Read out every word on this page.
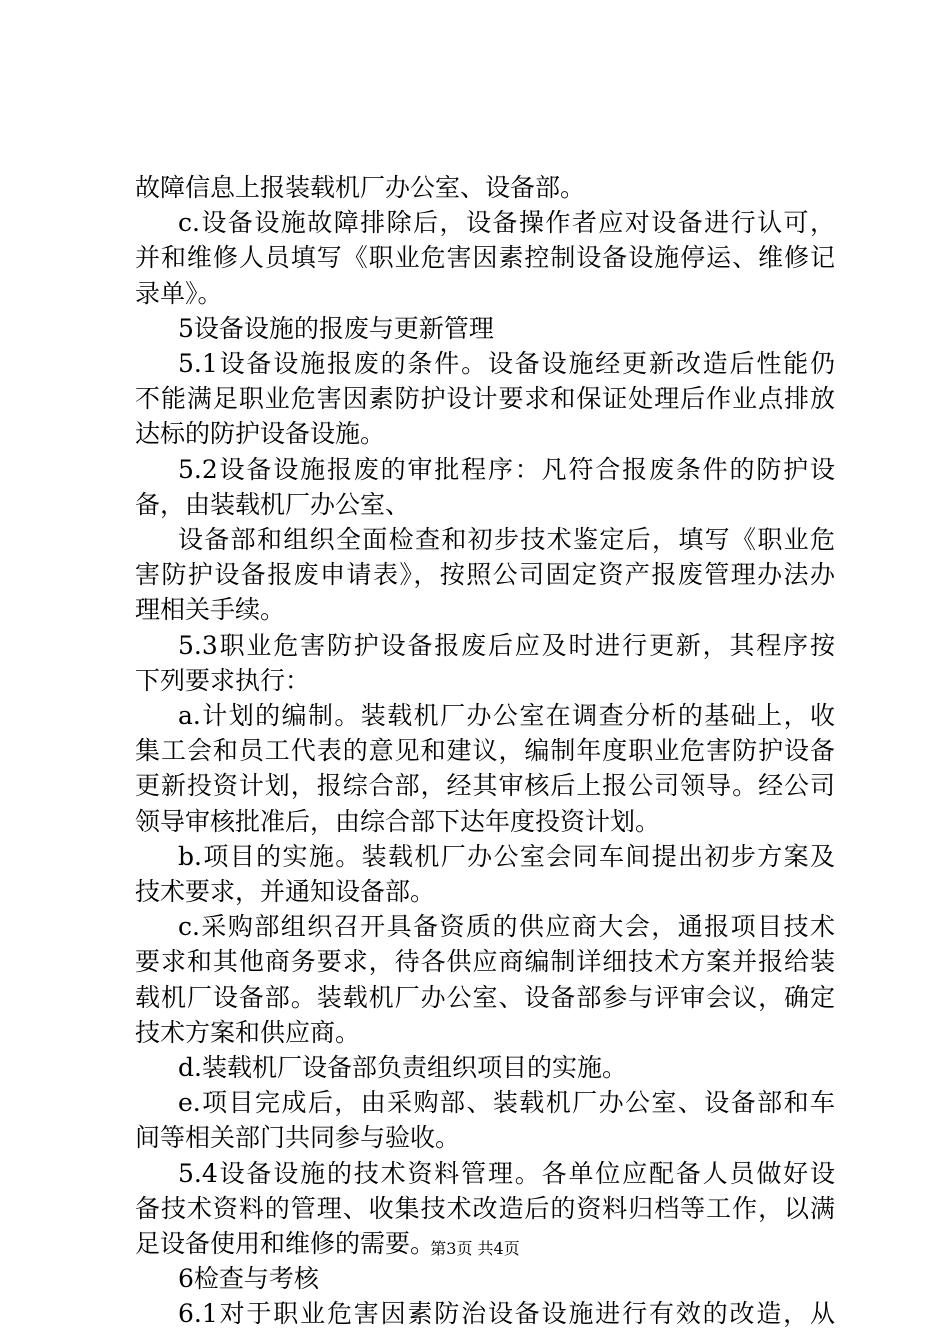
故障信息上报装载机厂办公室、设备部。
c.设备设施故障排除后，设备操作者应对设备进行认可，
并和维修人员填写《职业危害因素控制设备设施停运、维修记
录单》。
5设备设施的报废与更新管理
5.1设备设施报废的条件。设备设施经更新改造后性能仍
不能满足职业危害因素防护设计要求和保证处理后作业点排放
达标的防护设备设施。
5.2设备设施报废的审批程序：凡符合报废条件的防护设
备，由装载机厂办公室、
设备部和组织全面检查和初步技术鉴定后，填写《职业危
害防护设备报废申请表》，按照公司固定资产报废管理办法办
理相关手续。
5.3职业危害防护设备报废后应及时进行更新，其程序按
下列要求执行：
a.计划的编制。装载机厂办公室在调查分析的基础上，收
集工会和员工代表的意见和建议，编制年度职业危害防护设备
更新投资计划，报综合部，经其审核后上报公司领导。经公司
领导审核批准后，由综合部下达年度投资计划。
b.项目的实施。装载机厂办公室会同车间提出初步方案及
技术要求，并通知设备部。
c.采购部组织召开具备资质的供应商大会，通报项目技术
要求和其他商务要求，待各供应商编制详细技术方案并报给装
载机厂设备部。装载机厂办公室、设备部参与评审会议，确定
技术方案和供应商。
d.装载机厂设备部负责组织项目的实施。
e.项目完成后，由采购部、装载机厂办公室、设备部和车
间等相关部门共同参与验收。
5.4设备设施的技术资料管理。各单位应配备人员做好设
备技术资料的管理、收集技术改造后的资料归档等工作，以满
足设备使用和维修的需要。
6检查与考核
6.1对于职业危害因素防治设备设施进行有效的改造，从
第3页 共4页
